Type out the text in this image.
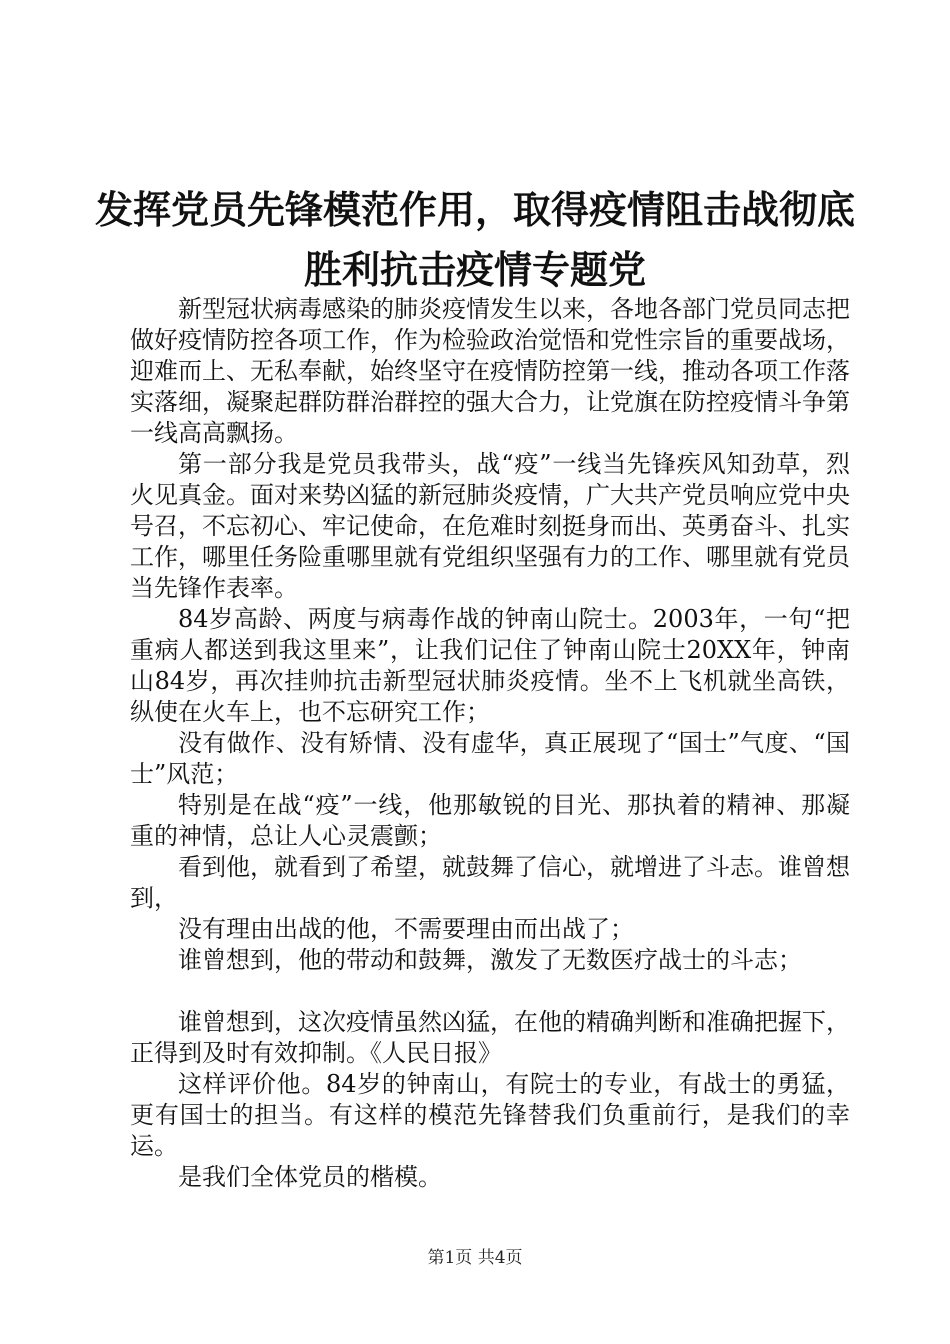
发挥党员先锋模范作用，取得疫情阻击战彻底
胜利抗击疫情专题党

新型冠状病毒感染的肺炎疫情发生以来，各地各部门党员同志把做好疫情防控各项工作，作为检验政治觉悟和党性宗旨的重要战场，迎难而上、无私奉献，始终坚守在疫情防控第一线，推动各项工作落实落细，凝聚起群防群治群控的强大合力，让党旗在防控疫情斗争第一线高高飘扬。

第一部分我是党员我带头，战“疫”一线当先锋疾风知劲草，烈火见真金。面对来势凶猛的新冠肺炎疫情，广大共产党员响应党中央号召，不忘初心、牢记使命，在危难时刻挺身而出、英勇奋斗、扎实工作，哪里任务险重哪里就有党组织坚强有力的工作、哪里就有党员当先锋作表率。

84岁高龄、两度与病毒作战的钟南山院士。2003年，一句“把重病人都送到我这里来”，让我们记住了钟南山院士20XX年，钟南山84岁，再次挂帅抗击新型冠状肺炎疫情。坐不上飞机就坐高铁，纵使在火车上，也不忘研究工作；

没有做作、没有矫情、没有虚华，真正展现了“国士”气度、“国士”风范；

特别是在战“疫”一线，他那敏锐的目光、那执着的精神、那凝重的神情，总让人心灵震颤；

看到他，就看到了希望，就鼓舞了信心，就增进了斗志。谁曾想到，

没有理由出战的他，不需要理由而出战了；

谁曾想到，他的带动和鼓舞，激发了无数医疗战士的斗志；

谁曾想到，这次疫情虽然凶猛，在他的精确判断和准确把握下，正得到及时有效抑制。《人民日报》

这样评价他。84岁的钟南山，有院士的专业，有战士的勇猛，更有国士的担当。有这样的模范先锋替我们负重前行，是我们的幸运。

是我们全体党员的楷模。

第1页 共4页
